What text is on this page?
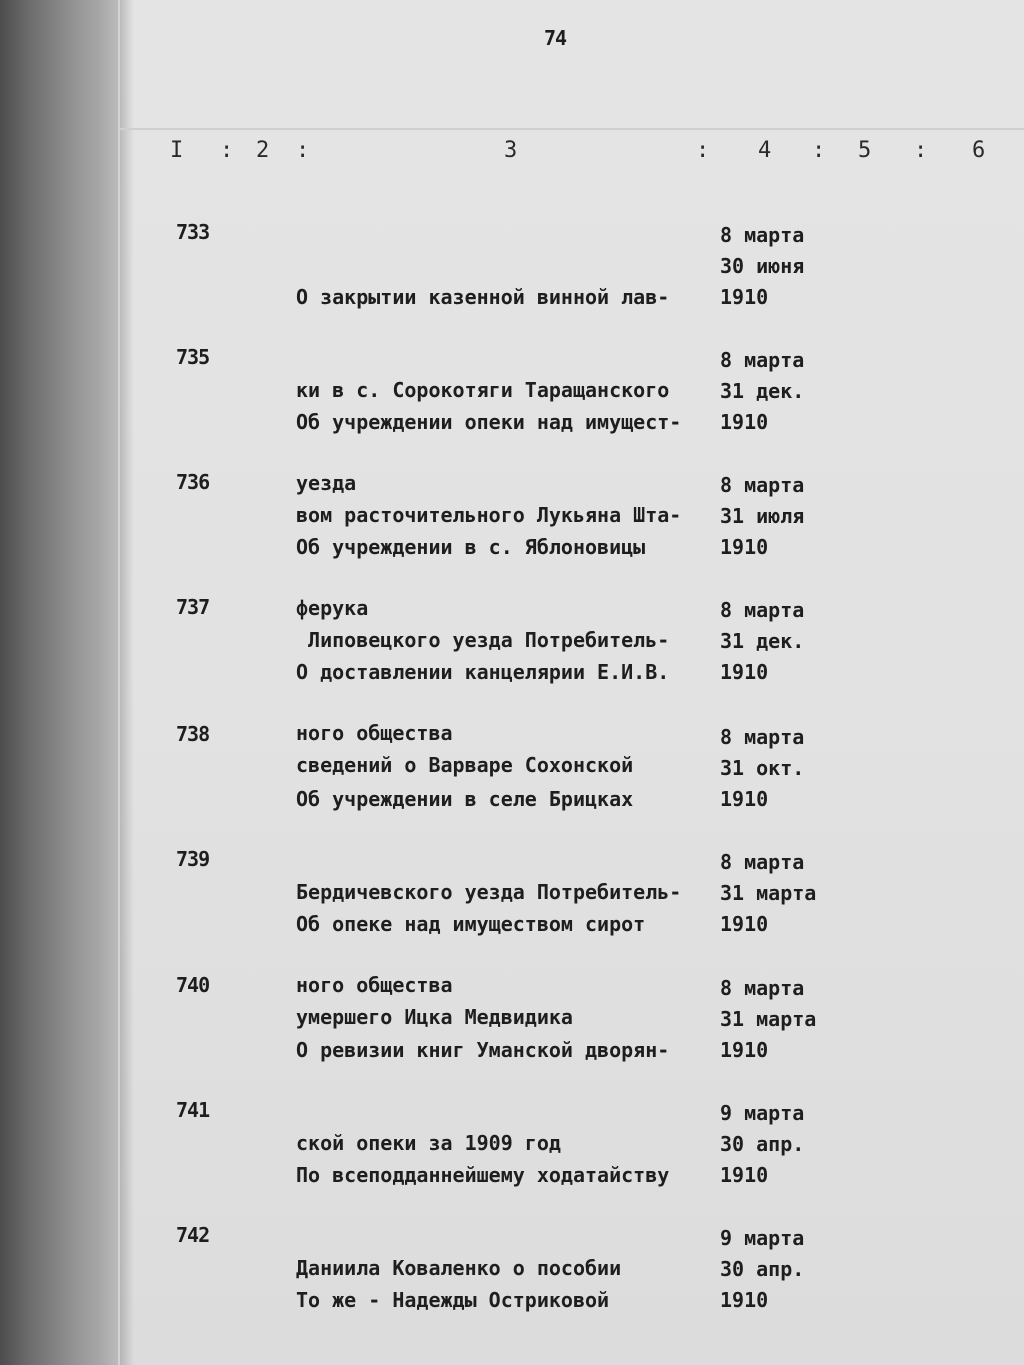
74
I : 2 :	3	: 4 : 5 : 6
733

О закрытии казенной винной лав-

ки в с. Сорокотяги Таращанского

уезда

8 марта
30 июня
1910
735

Об учреждении опеки над имущест-

вом расточительного Лукьяна Шта-

ферука

8 марта
31 дек.
1910
736

Об учреждении в с. Яблоновицы

Липовецкого уезда Потребитель-

ного общества

8 марта
31 июля
1910
737

О доставлении канцелярии Е.И.В.

сведений о Варваре Сохонской

8 марта
31 дек.
1910
738

Об учреждении в селе Брицках

Бердичевского уезда Потребитель-

ного общества

8 марта
31 окт.
1910
739

Об опеке над имуществом сирот

умершего Ицка Медвидика

8 марта
31 марта
1910
740

О ревизии книг Уманской дворян-

ской опеки за 1909 год

8 марта
31 марта
1910
741

По всеподданнейшему ходатайству

Даниила Коваленко о пособии

9 марта
30 апр.
1910
742

То же - Надежды Остриковой

9 марта
30 апр.
1910
